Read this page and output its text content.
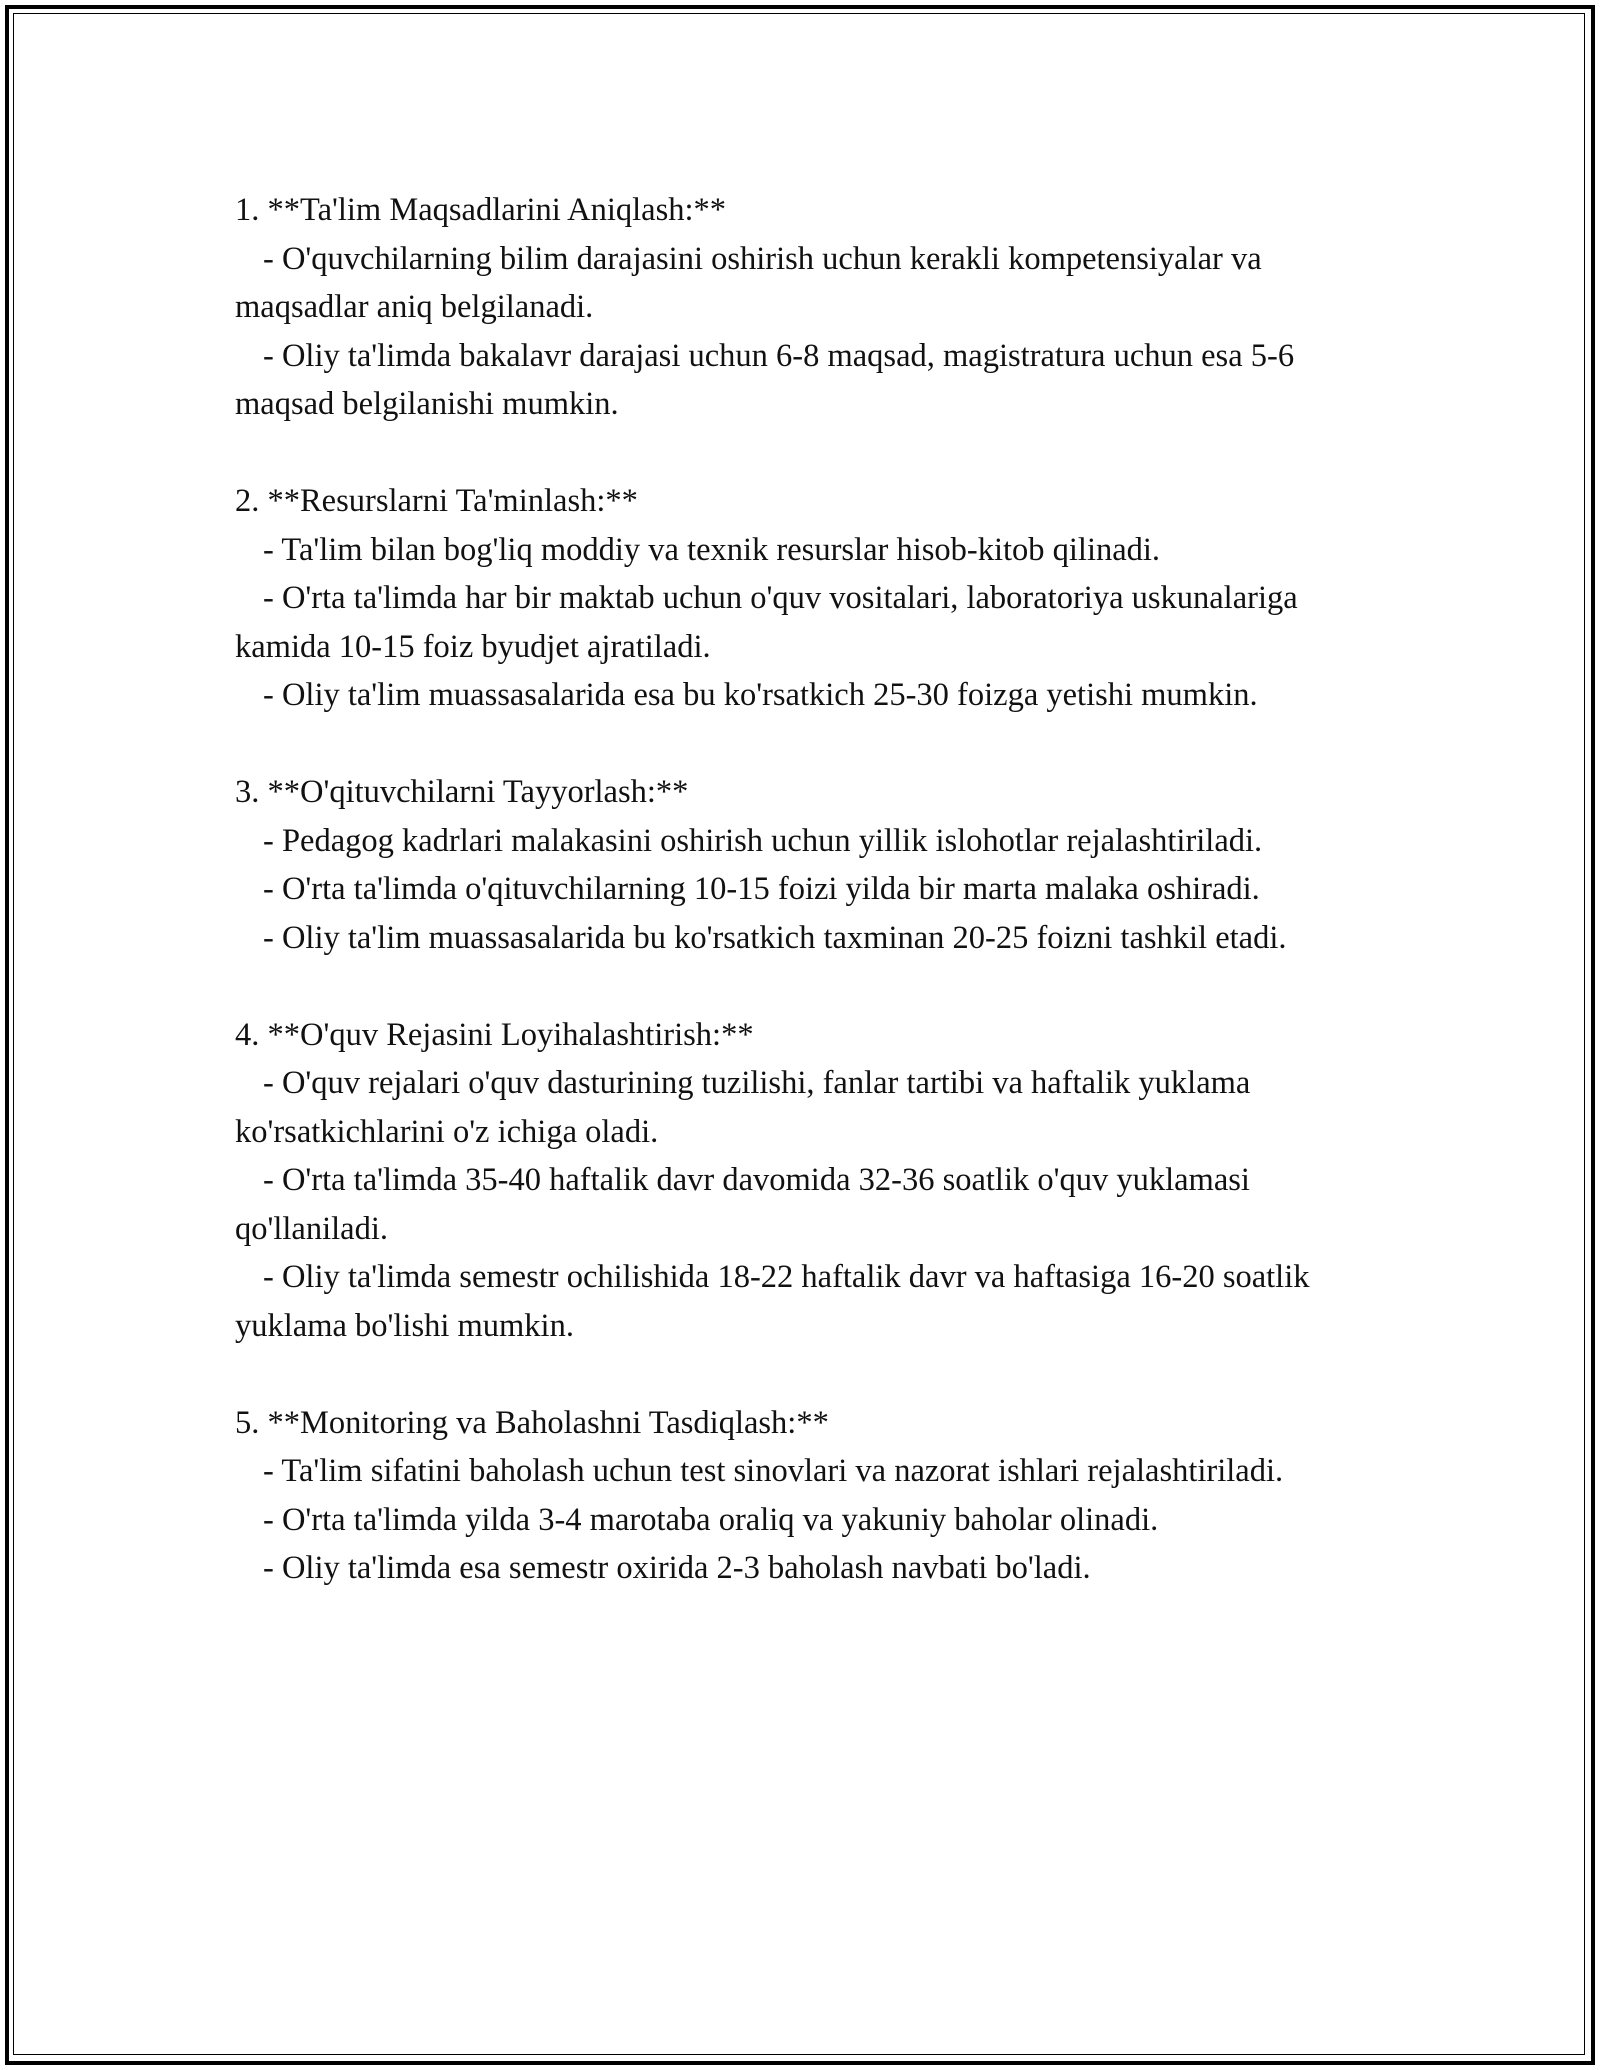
1. **Ta'lim Maqsadlarini Aniqlash:**
- O'quvchilarning bilim darajasini oshirish uchun kerakli kompetensiyalar va maqsadlar aniq belgilanadi.
- Oliy ta'limda bakalavr darajasi uchun 6-8 maqsad, magistratura uchun esa 5-6 maqsad belgilanishi mumkin.
2. **Resurslarni Ta'minlash:**
- Ta'lim bilan bog'liq moddiy va texnik resurslar hisob-kitob qilinadi.
- O'rta ta'limda har bir maktab uchun o'quv vositalari, laboratoriya uskunalariga kamida 10-15 foiz byudjet ajratiladi.
- Oliy ta'lim muassasalarida esa bu ko'rsatkich 25-30 foizga yetishi mumkin.
3. **O'qituvchilarni Tayyorlash:**
- Pedagog kadrlari malakasini oshirish uchun yillik islohotlar rejalashtiriladi.
- O'rta ta'limda o'qituvchilarning 10-15 foizi yilda bir marta malaka oshiradi.
- Oliy ta'lim muassasalarida bu ko'rsatkich taxminan 20-25 foizni tashkil etadi.
4. **O'quv Rejasini Loyihalashtirish:**
- O'quv rejalari o'quv dasturining tuzilishi, fanlar tartibi va haftalik yuklama ko'rsatkichlarini o'z ichiga oladi.
- O'rta ta'limda 35-40 haftalik davr davomida 32-36 soatlik o'quv yuklamasi qo'llaniladi.
- Oliy ta'limda semestr ochilishida 18-22 haftalik davr va haftasiga 16-20 soatlik yuklama bo'lishi mumkin.
5. **Monitoring va Baholashni Tasdiqlash:**
- Ta'lim sifatini baholash uchun test sinovlari va nazorat ishlari rejalashtiriladi.
- O'rta ta'limda yilda 3-4 marotaba oraliq va yakuniy baholar olinadi.
- Oliy ta'limda esa semestr oxirida 2-3 baholash navbati bo'ladi.
